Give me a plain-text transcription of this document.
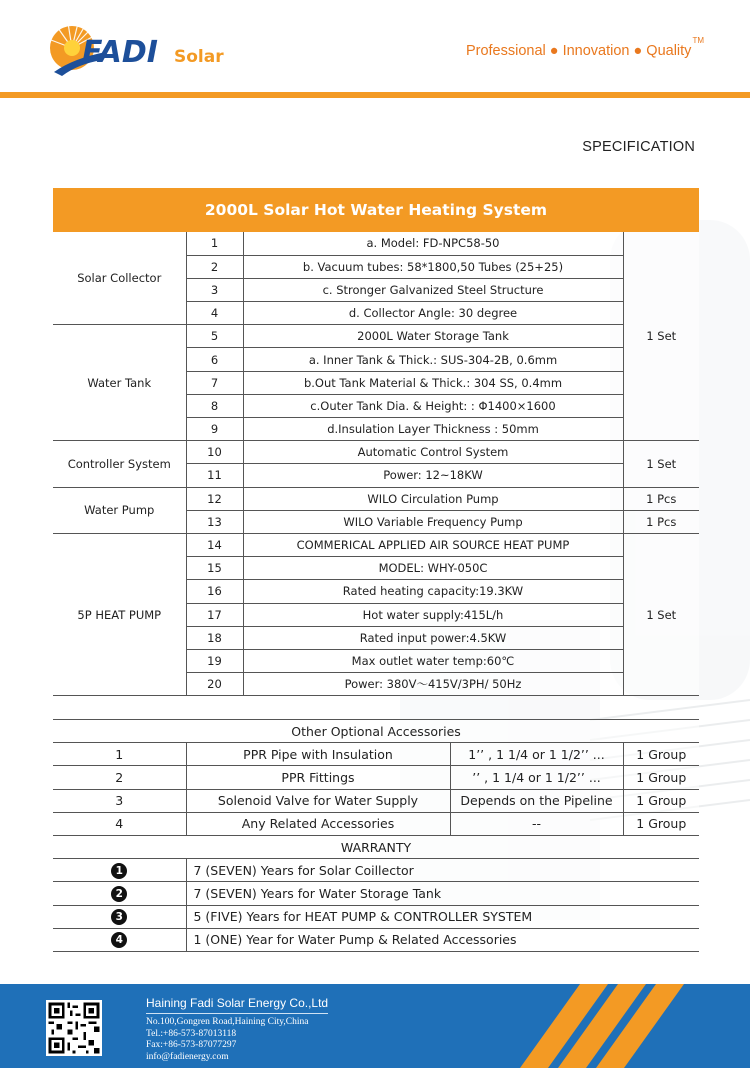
FADI Solar	Professional ● Innovation ● Quality™
SPECIFICATION
2000L Solar Hot Water Heating System
Solar Collector	1	a. Model: FD-NPC58-50	1 Set
	2	b. Vacuum tubes: 58*1800,50 Tubes (25+25)	
	3	c. Stronger Galvanized Steel Structure	
	4	d. Collector Angle: 30 degree	
Water Tank	5	2000L Water Storage Tank	
	6	a. Inner Tank & Thick.: SUS-304-2B, 0.6mm	
	7	b.Out Tank Material & Thick.: 304 SS, 0.4mm	
	8	c.Outer Tank Dia. & Height: : Φ1400×1600	
	9	d.Insulation Layer Thickness : 50mm	
Controller System	10	Automatic Control System	1 Set
	11	Power: 12~18KW	
Water Pump	12	WILO Circulation Pump	1 Pcs
	13	WILO Variable Frequency Pump	1 Pcs
5P HEAT PUMP	14	COMMERICAL APPLIED AIR SOURCE HEAT PUMP	1 Set
	15	MODEL: WHY-050C	
	16	Rated heating capacity:19.3KW	
	17	Hot water supply:415L/h	
	18	Rated input power:4.5KW	
	19	Max outlet water temp:60℃	
	20	Power: 380V～415V/3PH/ 50Hz	
Other Optional Accessories			
1	PPR Pipe with Insulation	1’’ , 1 1/4 or 1 1/2’’ ...	1 Group
2	PPR Fittings	’’ , 1 1/4 or 1 1/2’’ ...	1 Group
3	Solenoid Valve for Water Supply	Depends on the Pipeline	1 Group
4	Any Related Accessories	--	1 Group
WARRANTY			
1	7 (SEVEN) Years for Solar Coillector		
2	7 (SEVEN) Years for Water Storage Tank		
3	5 (FIVE) Years for HEAT PUMP & CONTROLLER SYSTEM		
4	1 (ONE) Year for Water Pump & Related Accessories		
Haining Fadi Solar Energy Co.,Ltd
No.100,Gongren Road,Haining City,China
Tel.:+86-573-87013118
Fax:+86-573-87077297
info@fadienergy.com
